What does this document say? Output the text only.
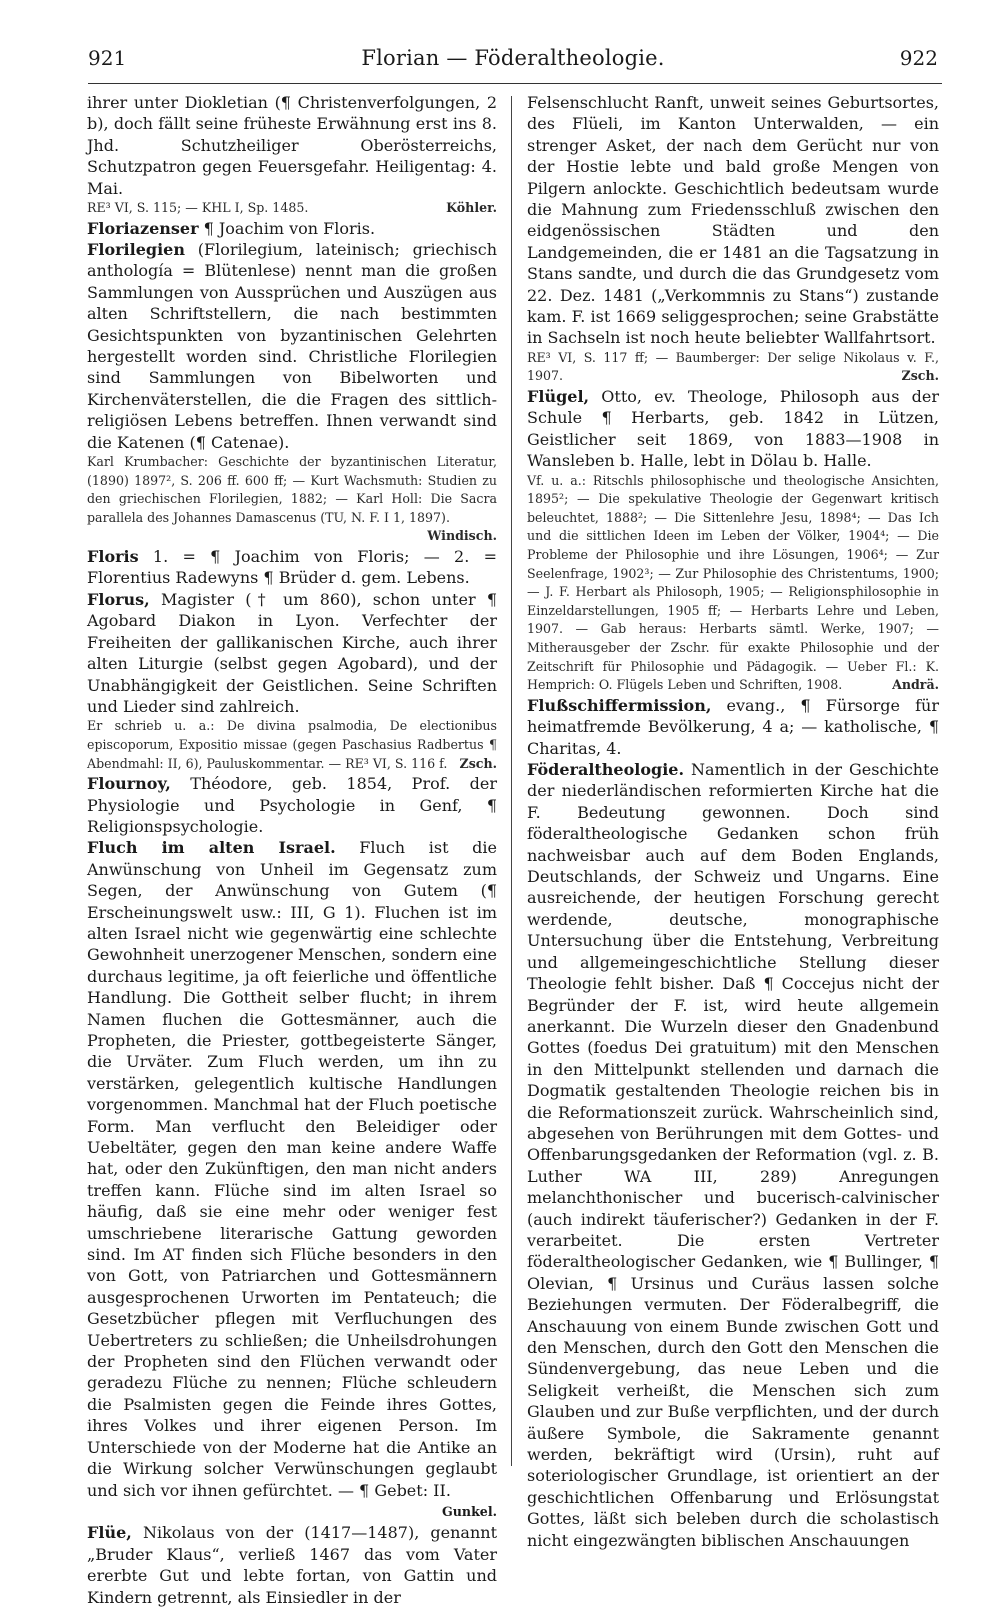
921	Florian — Föderaltheologie.	922

ihrer unter Diokletian (¶ Christenverfolgungen, 2 b), doch fällt seine früheste Erwähnung erst ins 8. Jhd. Schutzheiliger Oberösterreichs, Schutzpatron gegen Feuersgefahr. Heiligentag: 4. Mai.

RE³ VI, S. 115; — KHL I, Sp. 1485.	Köhler.

Floriazenser ¶ Joachim von Floris.

Florilegien (Florilegium, lateinisch; griechisch anthología = Blütenlese) nennt man die großen Sammlungen von Aussprüchen und Auszügen aus alten Schriftstellern, die nach bestimmten Gesichtspunkten von byzantinischen Gelehrten hergestellt worden sind. Christliche Florilegien sind Sammlungen von Bibelworten und Kirchenväterstellen, die die Fragen des sittlich-religiösen Lebens betreffen. Ihnen verwandt sind die Katenen (¶ Catenae).

Karl Krumbacher: Geschichte der byzantinischen Literatur, (1890) 1897², S. 206 ff. 600 ff; — Kurt Wachsmuth: Studien zu den griechischen Florilegien, 1882; — Karl Holl: Die Sacra parallela des Johannes Damascenus (TU, N. F. I 1, 1897).
Windisch.

Floris 1. = ¶ Joachim von Floris; — 2. = Florentius Radewyns ¶ Brüder d. gem. Lebens.

Florus, Magister († um 860), schon unter ¶ Agobard Diakon in Lyon. Verfechter der Freiheiten der gallikanischen Kirche, auch ihrer alten Liturgie (selbst gegen Agobard), und der Unabhängigkeit der Geistlichen. Seine Schriften und Lieder sind zahlreich.

Er schrieb u. a.: De divina psalmodia, De electionibus episcoporum, Expositio missae (gegen Paschasius Radbertus ¶ Abendmahl: II, 6), Pauluskommentar. — RE³ VI, S. 116 f. Zsch.

Flournoy, Théodore, geb. 1854, Prof. der Physiologie und Psychologie in Genf, ¶ Religionspsychologie.

Fluch im alten Israel. Fluch ist die Anwünschung von Unheil im Gegensatz zum Segen, der Anwünschung von Gutem (¶ Erscheinungswelt usw.: III, G 1). Fluchen ist im alten Israel nicht wie gegenwärtig eine schlechte Gewohnheit unerzogener Menschen, sondern eine durchaus legitime, ja oft feierliche und öffentliche Handlung. Die Gottheit selber flucht; in ihrem Namen fluchen die Gottesmänner, auch die Propheten, die Priester, gottbegeisterte Sänger, die Urväter. Zum Fluch werden, um ihn zu verstärken, gelegentlich kultische Handlungen vorgenommen. Manchmal hat der Fluch poetische Form. Man verflucht den Beleidiger oder Uebeltäter, gegen den man keine andere Waffe hat, oder den Zukünftigen, den man nicht anders treffen kann. Flüche sind im alten Israel so häufig, daß sie eine mehr oder weniger fest umschriebene literarische Gattung geworden sind. Im AT finden sich Flüche besonders in den von Gott, von Patriarchen und Gottesmännern ausgesprochenen Urworten im Pentateuch; die Gesetzbücher pflegen mit Verfluchungen des Uebertreters zu schließen; die Unheilsdrohungen der Propheten sind den Flüchen verwandt oder geradezu Flüche zu nennen; Flüche schleudern die Psalmisten gegen die Feinde ihres Gottes, ihres Volkes und ihrer eigenen Person. Im Unterschiede von der Moderne hat die Antike an die Wirkung solcher Verwünschungen geglaubt und sich vor ihnen gefürchtet. — ¶ Gebet: II.
Gunkel.

Flüe, Nikolaus von der (1417—1487), genannt „Bruder Klaus“, verließ 1467 das vom Vater ererbte Gut und lebte fortan, von Gattin und Kindern getrennt, als Einsiedler in der

Felsenschlucht Ranft, unweit seines Geburtsortes, des Flüeli, im Kanton Unterwalden, — ein strenger Asket, der nach dem Gerücht nur von der Hostie lebte und bald große Mengen von Pilgern anlockte. Geschichtlich bedeutsam wurde die Mahnung zum Friedensschluß zwischen den eidgenössischen Städten und den Landgemeinden, die er 1481 an die Tagsatzung in Stans sandte, und durch die das Grundgesetz vom 22. Dez. 1481 („Verkommnis zu Stans“) zustande kam. F. ist 1669 seliggesprochen; seine Grabstätte in Sachseln ist noch heute beliebter Wallfahrtsort.

RE³ VI, S. 117 ff; — Baumberger: Der selige Nikolaus v. F., 1907.	Zsch.

Flügel, Otto, ev. Theologe, Philosoph aus der Schule ¶ Herbarts, geb. 1842 in Lützen, Geistlicher seit 1869, von 1883—1908 in Wansleben b. Halle, lebt in Dölau b. Halle.

Vf. u. a.: Ritschls philosophische und theologische Ansichten, 1895²; — Die spekulative Theologie der Gegenwart kritisch beleuchtet, 1888²; — Die Sittenlehre Jesu, 1898⁴; — Das Ich und die sittlichen Ideen im Leben der Völker, 1904⁴; — Die Probleme der Philosophie und ihre Lösungen, 1906⁴; — Zur Seelenfrage, 1902³; — Zur Philosophie des Christentums, 1900; — J. F. Herbart als Philosoph, 1905; — Religionsphilosophie in Einzeldarstellungen, 1905 ff; — Herbarts Lehre und Leben, 1907. — Gab heraus: Herbarts sämtl. Werke, 1907; — Mitherausgeber der Zschr. für exakte Philosophie und der Zeitschrift für Philosophie und Pädagogik. — Ueber Fl.: K. Hemprich: O. Flügels Leben und Schriften, 1908.	Andrä.

Flußschiffermission, evang., ¶ Fürsorge für heimatfremde Bevölkerung, 4 a; — katholische, ¶ Charitas, 4.

Föderaltheologie. Namentlich in der Geschichte der niederländischen reformierten Kirche hat die F. Bedeutung gewonnen. Doch sind föderaltheologische Gedanken schon früh nachweisbar auch auf dem Boden Englands, Deutschlands, der Schweiz und Ungarns. Eine ausreichende, der heutigen Forschung gerecht werdende, deutsche, monographische Untersuchung über die Entstehung, Verbreitung und allgemeingeschichtliche Stellung dieser Theologie fehlt bisher. Daß ¶ Coccejus nicht der Begründer der F. ist, wird heute allgemein anerkannt. Die Wurzeln dieser den Gnadenbund Gottes (foedus Dei gratuitum) mit den Menschen in den Mittelpunkt stellenden und darnach die Dogmatik gestaltenden Theologie reichen bis in die Reformationszeit zurück. Wahrscheinlich sind, abgesehen von Berührungen mit dem Gottes- und Offenbarungsgedanken der Reformation (vgl. z. B. Luther WA III, 289) Anregungen melanchthonischer und bucerisch-calvinischer (auch indirekt täuferischer?) Gedanken in der F. verarbeitet. Die ersten Vertreter föderaltheologischer Gedanken, wie ¶ Bullinger, ¶ Olevian, ¶ Ursinus und Curäus lassen solche Beziehungen vermuten. Der Föderalbegriff, die Anschauung von einem Bunde zwischen Gott und den Menschen, durch den Gott den Menschen die Sündenvergebung, das neue Leben und die Seligkeit verheißt, die Menschen sich zum Glauben und zur Buße verpflichten, und der durch äußere Symbole, die Sakramente genannt werden, bekräftigt wird (Ursin), ruht auf soteriologischer Grundlage, ist orientiert an der geschichtlichen Offenbarung und Erlösungstat Gottes, läßt sich beleben durch die scholastisch nicht eingezwängten biblischen Anschauungen
